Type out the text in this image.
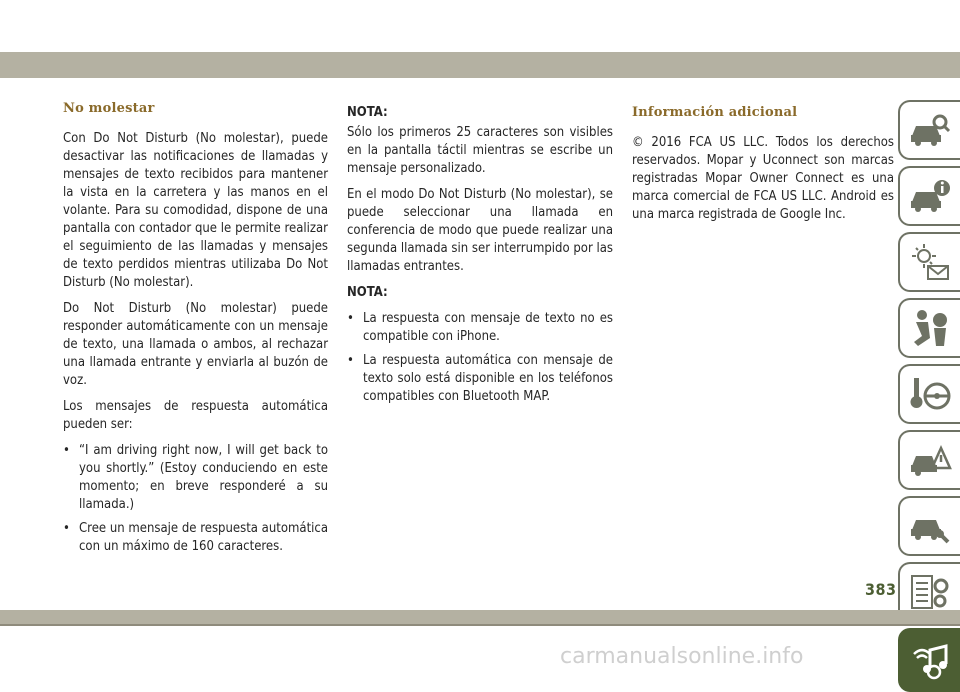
No molestar

Con Do Not Disturb (No molestar), puede desactivar las notificaciones de llamadas y mensajes de texto recibidos para mantener la vista en la carretera y las manos en el volante. Para su comodidad, dispone de una pantalla con contador que le permite realizar el seguimiento de las llamadas y mensajes de texto perdidos mientras utilizaba Do Not Disturb (No molestar).

Do Not Disturb (No molestar) puede responder automáticamente con un mensaje de texto, una llamada o ambos, al rechazar una llamada entrante y enviarla al buzón de voz.

Los mensajes de respuesta automática pueden ser:

• “I am driving right now, I will get back to you shortly.” (Estoy conduciendo en este momento; en breve responderé a su llamada.)
• Cree un mensaje de respuesta automática con un máximo de 160 caracteres.
NOTA:

Sólo los primeros 25 caracteres son visibles en la pantalla táctil mientras se escribe un mensaje personalizado.

En el modo Do Not Disturb (No molestar), se puede seleccionar una llamada en conferencia de modo que puede realizar una segunda llamada sin ser interrumpido por las llamadas entrantes.

NOTA:
• La respuesta con mensaje de texto no es compatible con iPhone.
• La respuesta automática con mensaje de texto solo está disponible en los teléfonos compatibles con Bluetooth MAP.
Información adicional

© 2016 FCA US LLC. Todos los derechos reservados. Mopar y Uconnect son marcas registradas Mopar Owner Connect es una marca comercial de FCA US LLC. Android es una marca registrada de Google Inc.

383
carmanualsonline.info
